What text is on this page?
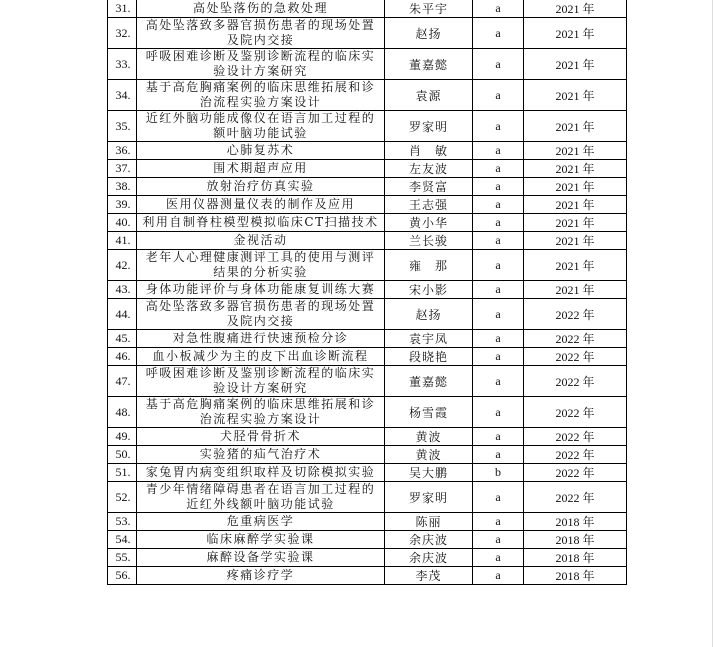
31.	高处坠落伤的急救处理	朱平宇	a	2021 年
32.	高处坠落致多器官损伤患者的现场处置及院内交接	赵扬	a	2021 年
33.	呼吸困难诊断及鉴别诊断流程的临床实验设计方案研究	董嘉懿	a	2021 年
34.	基于高危胸痛案例的临床思维拓展和诊治流程实验方案设计	袁源	a	2021 年
35.	近红外脑功能成像仪在语言加工过程的额叶脑功能试验	罗家明	a	2021 年
36.	心肺复苏术	肖　敏	a	2021 年
37.	围术期超声应用	左友波	a	2021 年
38.	放射治疗仿真实验	李贤富	a	2021 年
39.	医用仪器测量仪表的制作及应用	王志强	a	2021 年
40.	利用自制脊柱模型模拟临床CT扫描技术	黄小华	a	2021 年
41.	金视活动	兰长骏	a	2021 年
42.	老年人心理健康测评工具的使用与测评结果的分析实验	雍　那	a	2021 年
43.	身体功能评价与身体功能康复训练大赛	宋小影	a	2021 年
44.	高处坠落致多器官损伤患者的现场处置及院内交接	赵扬	a	2022 年
45.	对急性腹痛进行快速预检分诊	袁宇凤	a	2022 年
46.	血小板减少为主的皮下出血诊断流程	段晓艳	a	2022 年
47.	呼吸困难诊断及鉴别诊断流程的临床实验设计方案研究	董嘉懿	a	2022 年
48.	基于高危胸痛案例的临床思维拓展和诊治流程实验方案设计	杨雪霞	a	2022 年
49.	犬胫骨骨折术	黄波	a	2022 年
50.	实验猪的疝气治疗术	黄波	a	2022 年
51.	家兔胃内病变组织取样及切除模拟实验	吴大鹏	b	2022 年
52.	青少年情绪障碍患者在语言加工过程的近红外线额叶脑功能试验	罗家明	a	2022 年
53.	危重病医学	陈丽	a	2018 年
54.	临床麻醉学实验课	余庆波	a	2018 年
55.	麻醉设备学实验课	余庆波	a	2018 年
56.	疼痛诊疗学	李茂	a	2018 年
